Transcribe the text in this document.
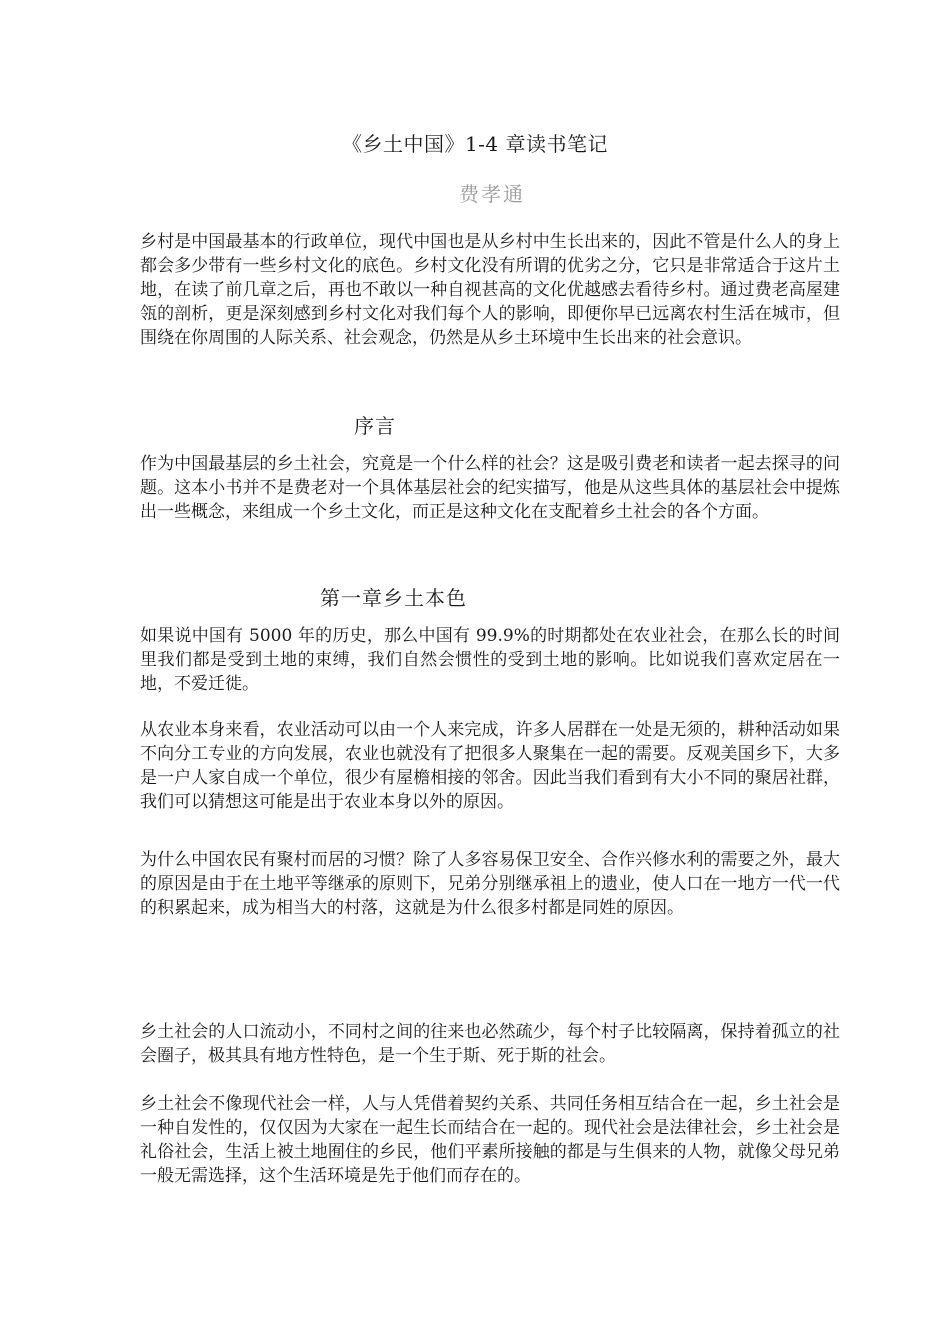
《乡土中国》1-4 章读书笔记
费孝通

乡村是中国最基本的行政单位，现代中国也是从乡村中生长出来的，因此不管是什么人的身上都会多少带有一些乡村文化的底色。乡村文化没有所谓的优劣之分，它只是非常适合于这片土地，在读了前几章之后，再也不敢以一种自视甚高的文化优越感去看待乡村。通过费老高屋建瓴的剖析，更是深刻感到乡村文化对我们每个人的影响，即便你早已远离农村生活在城市，但围绕在你周围的人际关系、社会观念，仍然是从乡土环境中生长出来的社会意识。

序言

作为中国最基层的乡土社会，究竟是一个什么样的社会？这是吸引费老和读者一起去探寻的问题。这本小书并不是费老对一个具体基层社会的纪实描写，他是从这些具体的基层社会中提炼出一些概念，来组成一个乡土文化，而正是这种文化在支配着乡土社会的各个方面。

第一章乡土本色

如果说中国有 5000 年的历史，那么中国有 99.9%的时期都处在农业社会，在那么长的时间里我们都是受到土地的束缚，我们自然会惯性的受到土地的影响。比如说我们喜欢定居在一地，不爱迁徙。

从农业本身来看，农业活动可以由一个人来完成，许多人居群在一处是无须的，耕种活动如果不向分工专业的方向发展，农业也就没有了把很多人聚集在一起的需要。反观美国乡下，大多是一户人家自成一个单位，很少有屋檐相接的邻舍。因此当我们看到有大小不同的聚居社群，我们可以猜想这可能是出于农业本身以外的原因。

为什么中国农民有聚村而居的习惯？除了人多容易保卫安全、合作兴修水利的需要之外，最大的原因是由于在土地平等继承的原则下，兄弟分别继承祖上的遗业，使人口在一地方一代一代的积累起来，成为相当大的村落，这就是为什么很多村都是同姓的原因。

乡土社会的人口流动小，不同村之间的往来也必然疏少，每个村子比较隔离，保持着孤立的社会圈子，极其具有地方性特色，是一个生于斯、死于斯的社会。

乡土社会不像现代社会一样，人与人凭借着契约关系、共同任务相互结合在一起，乡土社会是一种自发性的，仅仅因为大家在一起生长而结合在一起的。现代社会是法律社会，乡土社会是礼俗社会，生活上被土地囿住的乡民，他们平素所接触的都是与生俱来的人物，就像父母兄弟一般无需选择，这个生活环境是先于他们而存在的。
